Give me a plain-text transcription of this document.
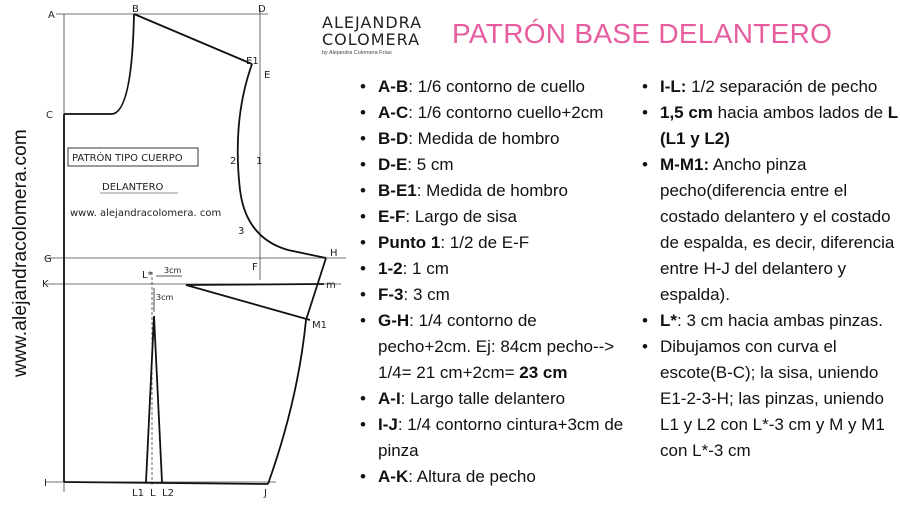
www.alejandracolomera.com
A
B	D
C
E1
E
2 1
3
G
F
H
K
L* 3cm
3cm
m
M1
I
J
L1 L L2
PATRÓN TIPO CUERPO
DELANTERO
www. alejandracolomera. com
ALEJANDRA
COLOMERA
by Alejandra Colomera Frías
PATRÓN BASE DELANTERO
• A-B: 1/6 contorno de cuello
• A-C: 1/6 contorno cuello+2cm
• B-D: Medida de hombro
• D-E: 5 cm
• B-E1: Medida de hombro
• E-F: Largo de sisa
• Punto 1: 1/2 de E-F
• 1-2: 1 cm
• F-3: 3 cm
• G-H: 1/4 contorno de pecho+2cm. Ej: 84cm pecho--> 1/4= 21 cm+2cm= 23 cm
• A-I: Largo talle delantero
• I-J: 1/4 contorno cintura+3cm de pinza
• A-K: Altura de pecho
• I-L: 1/2 separación de pecho
• 1,5 cm hacia ambos lados de L (L1 y L2)
• M-M1: Ancho pinza pecho(diferencia entre el costado delantero y el costado de espalda, es decir, diferencia entre H-J del delantero y espalda).
• L*: 3 cm hacia ambas pinzas.
• Dibujamos con curva el escote(B-C); la sisa, uniendo E1-2-3-H; las pinzas, uniendo L1 y L2 con L*-3 cm y M y M1 con L*-3 cm
